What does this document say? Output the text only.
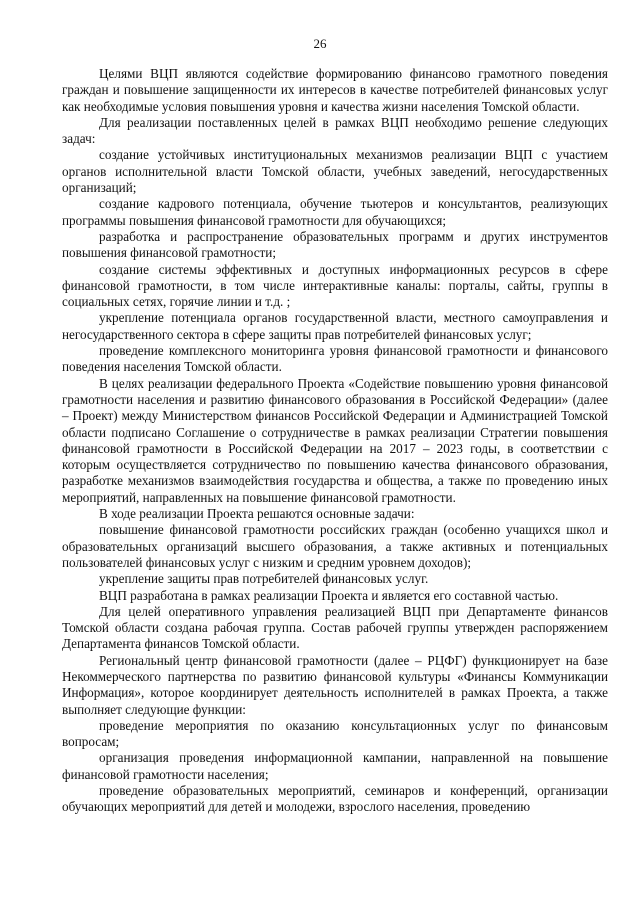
26

Целями ВЦП являются содействие формированию финансово грамотного поведения граждан и повышение защищенности их интересов в качестве потребителей финансовых услуг как необходимые условия повышения уровня и качества жизни населения Томской области.

Для реализации поставленных целей в рамках ВЦП необходимо решение следующих задач:

создание устойчивых институциональных механизмов реализации ВЦП с участием органов исполнительной власти Томской области, учебных заведений, негосударственных организаций;

создание кадрового потенциала, обучение тьютеров и консультантов, реализующих программы повышения финансовой грамотности для обучающихся;

разработка и распространение образовательных программ и других инструментов повышения финансовой грамотности;

создание системы эффективных и доступных информационных ресурсов в сфере финансовой грамотности, в том числе интерактивные каналы: порталы, сайты, группы в социальных сетях, горячие линии и т.д. ;

укрепление потенциала органов государственной власти, местного самоуправления и негосударственного сектора в сфере защиты прав потребителей финансовых услуг;

проведение комплексного мониторинга уровня финансовой грамотности и финансового поведения населения Томской области.

В целях реализации федерального Проекта «Содействие повышению уровня финансовой грамотности населения и развитию финансового образования в Российской Федерации» (далее – Проект) между Министерством финансов Российской Федерации и Администрацией Томской области подписано Соглашение о сотрудничестве в рамках реализации Стратегии повышения финансовой грамотности в Российской Федерации на 2017 – 2023 годы, в соответствии с которым осуществляется сотрудничество по повышению качества финансового образования, разработке механизмов взаимодействия государства и общества, а также по проведению иных мероприятий, направленных на повышение финансовой грамотности.

В ходе реализации Проекта решаются основные задачи:

повышение финансовой грамотности российских граждан (особенно учащихся школ и образовательных организаций высшего образования, а также активных и потенциальных пользователей финансовых услуг с низким и средним уровнем доходов);

укрепление защиты прав потребителей финансовых услуг.

ВЦП разработана в рамках реализации Проекта и является его составной частью.

Для целей оперативного управления реализацией ВЦП при Департаменте финансов Томской области создана рабочая группа. Состав рабочей группы утвержден распоряжением Департамента финансов Томской области.

Региональный центр финансовой грамотности (далее – РЦФГ) функционирует на базе Некоммерческого партнерства по развитию финансовой культуры «Финансы Коммуникации Информация», которое координирует деятельность исполнителей в рамках Проекта, а также выполняет следующие функции:

проведение мероприятия по оказанию консультационных услуг по финансовым вопросам;

организация проведения информационной кампании, направленной на повышение финансовой грамотности населения;

проведение образовательных мероприятий, семинаров и конференций, организации обучающих мероприятий для детей и молодежи, взрослого населения, проведению
